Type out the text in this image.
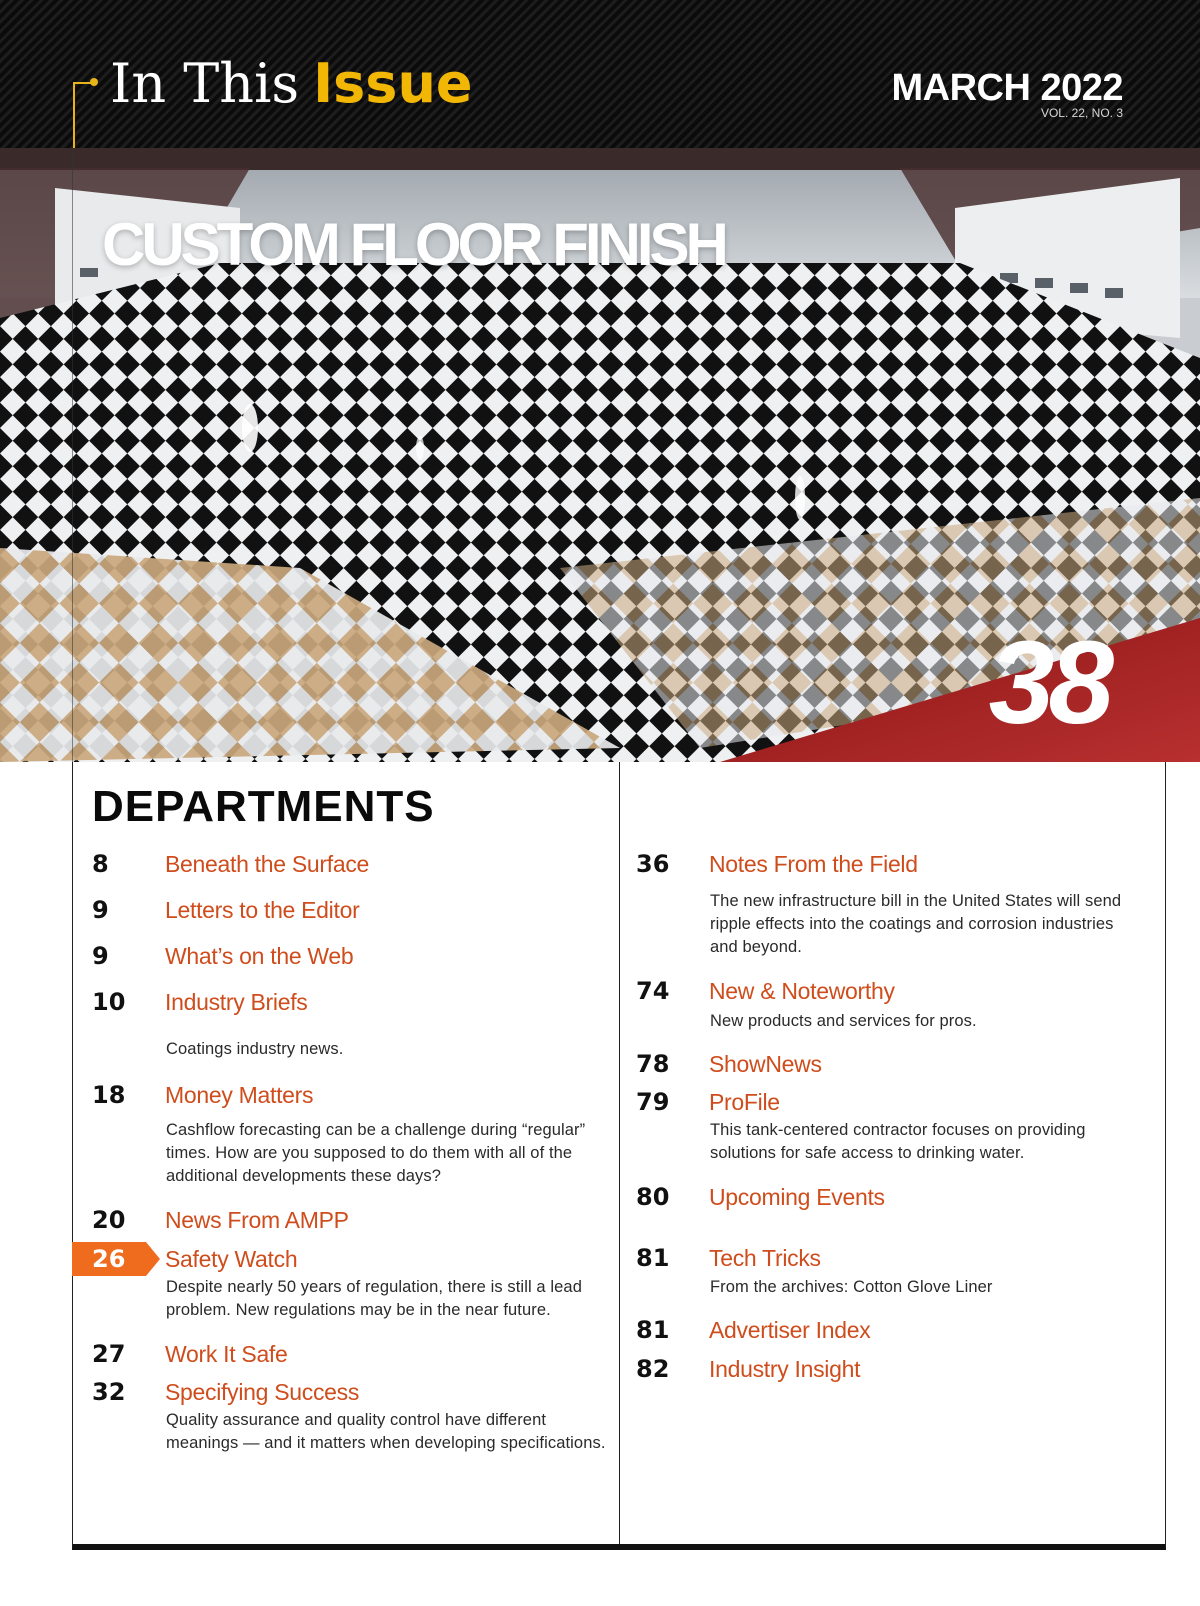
In This Issue	MARCH 2022
VOL. 22, NO. 3
CUSTOM FLOOR FINISH
38
DEPARTMENTS
8 Beneath the Surface
9 Letters to the Editor
9 What’s on the Web
10 Industry Briefs
Coatings industry news.
18 Money Matters
Cashflow forecasting can be a challenge during “regular” times. How are you supposed to do them with all of the additional developments these days?
20 News From AMPP
26 Safety Watch
Despite nearly 50 years of regulation, there is still a lead problem. New regulations may be in the near future.
27 Work It Safe
32 Specifying Success
Quality assurance and quality control have different meanings — and it matters when developing specifications.
36 Notes From the Field
The new infrastructure bill in the United States will send ripple effects into the coatings and corrosion industries and beyond.
74 New & Noteworthy
New products and services for pros.
78 ShowNews
79 ProFile
This tank-centered contractor focuses on providing solutions for safe access to drinking water.
80 Upcoming Events
81 Tech Tricks
From the archives: Cotton Glove Liner
81 Advertiser Index
82 Industry Insight
